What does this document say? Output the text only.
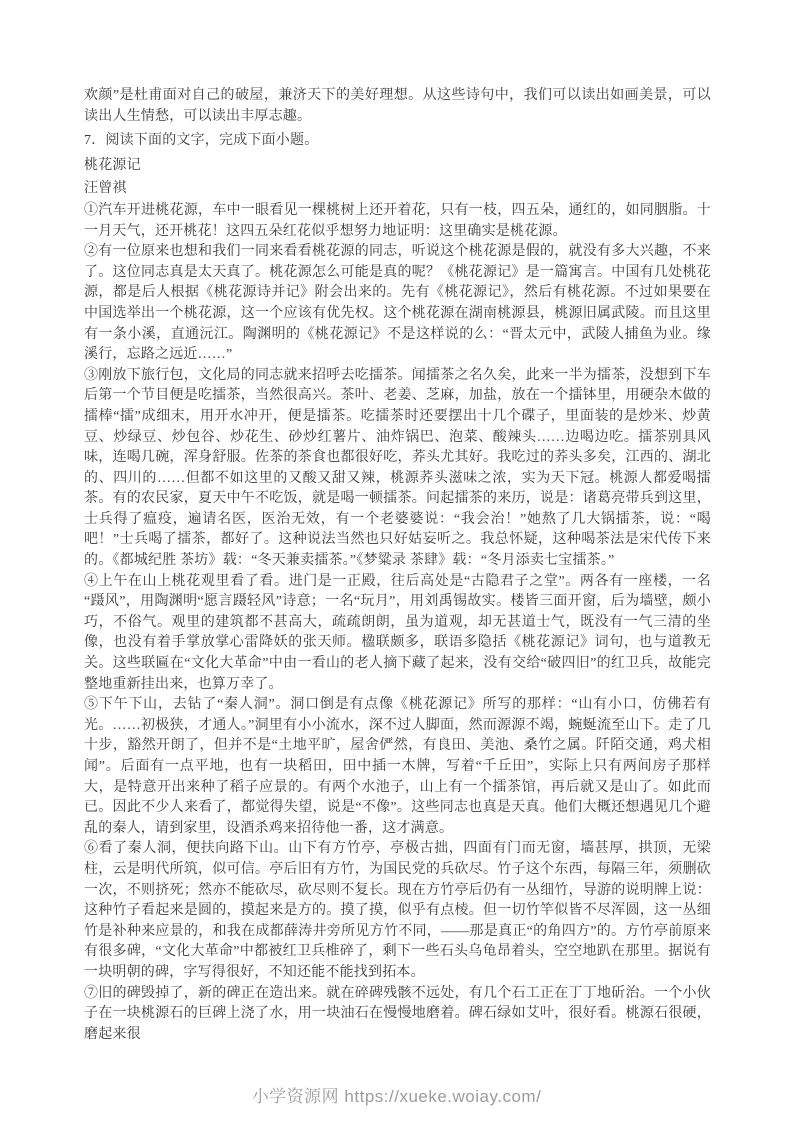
欢颜”是杜甫面对自己的破屋，兼济天下的美好理想。从这些诗句中，我们可以读出如画美景，可以读出人生情愁，可以读出丰厚志趣。

7．阅读下面的文字，完成下面小题。

桃花源记

汪曾祺

①汽车开进桃花源，车中一眼看见一棵桃树上还开着花，只有一枝，四五朵，通红的，如同胭脂。十一月天气，还开桃花！这四五朵红花似乎想努力地证明：这里确实是桃花源。

②有一位原来也想和我们一同来看看桃花源的同志，听说这个桃花源是假的，就没有多大兴趣，不来了。这位同志真是太天真了。桃花源怎么可能是真的呢？《桃花源记》是一篇寓言。中国有几处桃花源，都是后人根据《桃花源诗并记》附会出来的。先有《桃花源记》，然后有桃花源。不过如果要在中国选举出一个桃花源，这一个应该有优先权。这个桃花源在湖南桃源县，桃源旧属武陵。而且这里有一条小溪，直通沅江。陶渊明的《桃花源记》不是这样说的么：“晋太元中，武陵人捕鱼为业。缘溪行，忘路之远近……”

③刚放下旅行包，文化局的同志就来招呼去吃擂茶。闻擂茶之名久矣，此来一半为擂茶，没想到下车后第一个节目便是吃擂茶，当然很高兴。茶叶、老姜、芝麻，加盐，放在一个擂钵里，用硬杂木做的擂棒“擂”成细末，用开水冲开，便是擂茶。吃擂茶时还要摆出十几个碟子，里面装的是炒米、炒黄豆、炒绿豆、炒包谷、炒花生、砂炒红薯片、油炸锅巴、泡菜、酸辣头……边喝边吃。擂茶别具风味，连喝几碗，浑身舒服。佐茶的茶食也都很好吃，荞头尤其好。我吃过的荞头多矣，江西的、湖北的、四川的……但都不如这里的又酸又甜又辣，桃源荞头滋味之浓，实为天下冠。桃源人都爱喝擂茶。有的农民家，夏天中午不吃饭，就是喝一顿擂茶。问起擂茶的来历，说是：诸葛亮带兵到这里，士兵得了瘟疫，遍请名医，医治无效，有一个老婆婆说：“我会治！”她熬了几大锅擂茶，说：“喝吧！”士兵喝了擂茶，都好了。这种说法当然也只好姑妄听之。我总怀疑，这种喝茶法是宋代传下来的。《都城纪胜 茶坊》载：“冬天兼卖擂茶。”《梦粱录 茶肆》载：“冬月添卖七宝擂茶。”

④上午在山上桃花观里看了看。进门是一正殿，往后高处是“古隐君子之堂”。两各有一座楼，一名“蹑风”，用陶渊明“愿言蹑轻风”诗意；一名“玩月”，用刘禹锡故实。楼皆三面开窗，后为墙壁，颇小巧，不俗气。观里的建筑都不甚高大，疏疏朗朗，虽为道观，却无甚道士气，既没有一气三清的坐像，也没有着手掌放掌心雷降妖的张天师。楹联颇多，联语多隐括《桃花源记》词句，也与道教无关。这些联匾在“文化大革命”中由一看山的老人摘下藏了起来，没有交给“破四旧”的红卫兵，故能完整地重新挂出来，也算万幸了。

⑤下午下山，去钻了“秦人洞”。洞口倒是有点像《桃花源记》所写的那样：“山有小口，仿佛若有光。……初极狭，才通人。”洞里有小小流水，深不过人脚面，然而源源不竭，蜿蜒流至山下。走了几十步，豁然开朗了，但并不是“土地平旷，屋舍俨然，有良田、美池、桑竹之属。阡陌交通，鸡犬相闻”。后面有一点平地，也有一块稻田，田中插一木牌，写着“千丘田”，实际上只有两间房子那样大，是特意开出来种了稻子应景的。有两个水池子，山上有一个擂茶馆，再后就又是山了。如此而已。因此不少人来看了，都觉得失望，说是“不像”。这些同志也真是天真。他们大概还想遇见几个避乱的秦人，请到家里，设酒杀鸡来招待他一番，这才满意。

⑥看了秦人洞，便扶向路下山。山下有方竹亭，亭极古拙，四面有门而无窗，墙甚厚，拱顶，无梁柱，云是明代所筑，似可信。亭后旧有方竹，为国民党的兵砍尽。竹子这个东西，每隔三年，须删砍一次，不则挤死；然亦不能砍尽，砍尽则不复长。现在方竹亭后仍有一丛细竹，导游的说明牌上说：这种竹子看起来是圆的，摸起来是方的。摸了摸，似乎有点棱。但一切竹竿似皆不尽浑圆，这一丛细竹是补种来应景的，和我在成都薛涛井旁所见方竹不同，——那是真正“的角四方”的。方竹亭前原来有很多碑，“文化大革命”中都被红卫兵椎碎了，剩下一些石头乌龟昂着头，空空地趴在那里。据说有一块明朝的碑，字写得很好，不知还能不能找到拓本。

⑦旧的碑毁掉了，新的碑正在造出来。就在碎碑残骸不远处，有几个石工正在丁丁地斫治。一个小伙子在一块桃源石的巨碑上浇了水，用一块油石在慢慢地磨着。碑石绿如艾叶，很好看。桃源石很硬，磨起来很

小学资源网 https://xueke.woiay.com/
